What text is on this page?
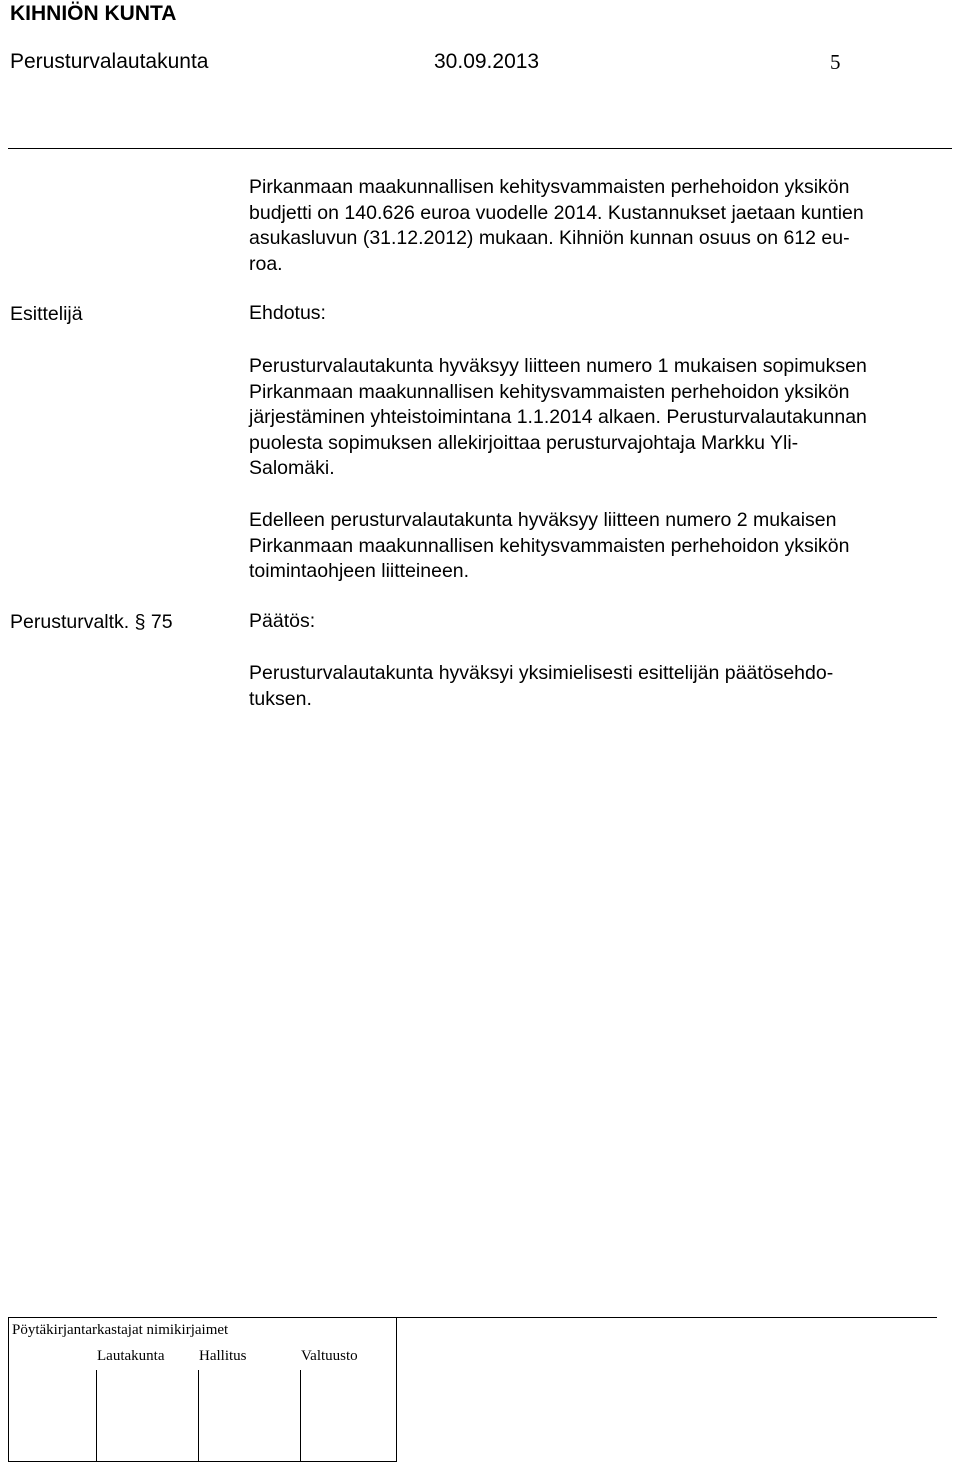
KIHNIÖN KUNTA
Perusturvalautakunta	30.09.2013	5
Pirkanmaan maakunnallisen kehitysvammaisten perhehoidon yksikön
budjetti on 140.626 euroa vuodelle 2014. Kustannukset jaetaan kuntien
asukasluvun (31.12.2012) mukaan. Kihniön kunnan osuus on 612 eu-
roa.
Esittelijä	Ehdotus:
Perusturvalautakunta hyväksyy liitteen numero 1 mukaisen sopimuksen
Pirkanmaan maakunnallisen kehitysvammaisten perhehoidon yksikön
järjestäminen yhteistoimintana 1.1.2014 alkaen. Perusturvalautakunnan
puolesta sopimuksen allekirjoittaa perusturvajohtaja Markku Yli-
Salomäki.
Edelleen perusturvalautakunta hyväksyy liitteen numero 2 mukaisen
Pirkanmaan maakunnallisen kehitysvammaisten perhehoidon yksikön
toimintaohjeen liitteineen.
Perusturvaltk. § 75	Päätös:
Perusturvalautakunta hyväksyi yksimielisesti esittelijän päätösehdo-
tuksen.
Pöytäkirjantarkastajat nimikirjaimet
Lautakunta Hallitus	Valtuusto
